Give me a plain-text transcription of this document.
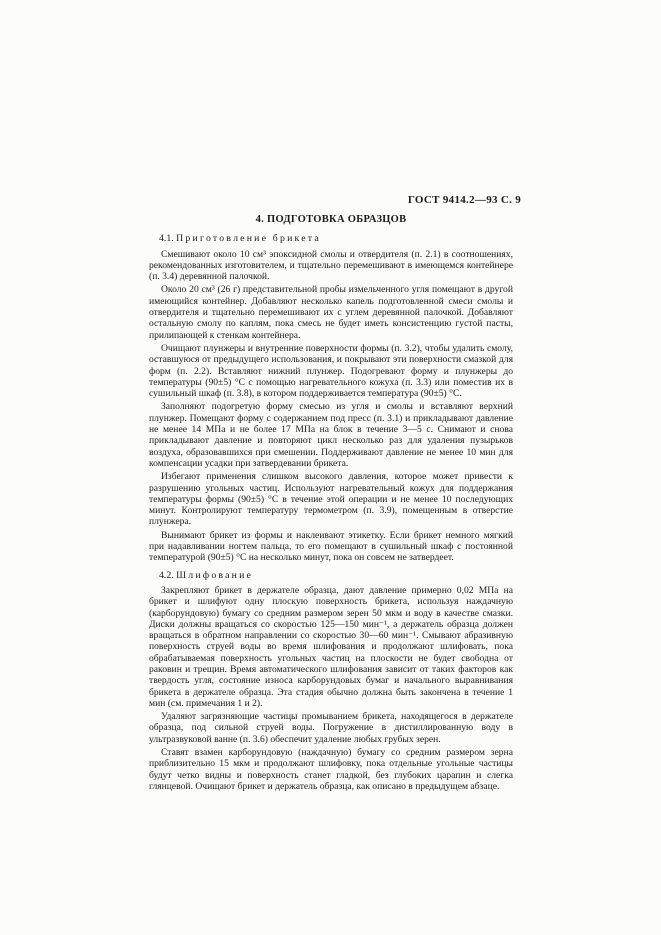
ГОСТ 9414.2—93 С. 9
4. ПОДГОТОВКА ОБРАЗЦОВ
4.1. Приготовление брикета

Смешивают около 10 см³ эпоксидной смолы и отвердителя (п. 2.1) в соотношениях, рекомендованных изготовителем, и тщательно перемешивают в имеющемся контейнере (п. 3.4) деревянной палочкой.

Около 20 см³ (26 г) представительной пробы измельченного угля помещают в другой имеющийся контейнер. Добавляют несколько капель подготовленной смеси смолы и отвердителя и тщательно перемешивают их с углем деревянной палочкой. Добавляют остальную смолу по каплям, пока смесь не будет иметь консистенцию густой пасты, прилипающей к стенкам контейнера.

Очищают плунжеры и внутренние поверхности формы (п. 3.2), чтобы удалить смолу, оставшуюся от предыдущего использования, и покрывают эти поверхности смазкой для форм (п. 2.2). Вставляют нижний плунжер. Подогревают форму и плунжеры до температуры (90±5) °С с помощью нагревательного кожуха (п. 3.3) или поместив их в сушильный шкаф (п. 3.8), в котором поддерживается температура (90±5) °С.

Заполняют подогретую форму смесью из угля и смолы и вставляют верхний плунжер. Помещают форму с содержанием под пресс (п. 3.1) и прикладывают давление не менее 14 МПа и не более 17 МПа на блок в течение 3—5 с. Снимают и снова прикладывают давление и повторяют цикл несколько раз для удаления пузырьков воздуха, образовавшихся при смешении. Поддерживают давление не менее 10 мин для компенсации усадки при затвердевании брикета.

Избегают применения слишком высокого давления, которое может привести к разрушению угольных частиц. Используют нагревательный кожух для поддержания температуры формы (90±5) °С в течение этой операции и не менее 10 последующих минут. Контролируют температуру термометром (п. 3.9), помещенным в отверстие плунжера.

Вынимают брикет из формы и наклеивают этикетку. Если брикет немного мягкий при надавливании ногтем пальца, то его помещают в сушильный шкаф с постоянной температурой (90±5) °С на несколько минут, пока он совсем не затвердеет.

4.2. Шлифование

Закрепляют брикет в держателе образца, дают давление примерно 0,02 МПа на брикет и шлифуют одну плоскую поверхность брикета, используя наждачную (карборундовую) бумагу со средним размером зерен 50 мкм и воду в качестве смазки. Диски должны вращаться со скоростью 125—150 мин⁻¹, а держатель образца должен вращаться в обратном направлении со скоростью 30—60 мин⁻¹. Смывают абразивную поверхность струей воды во время шлифования и продолжают шлифовать, пока обрабатываемая поверхность угольных частиц на плоскости не будет свободна от раковин и трещин. Время автоматического шлифования зависит от таких факторов как твердость угля, состояние износа карборундовых бумаг и начального выравнивания брикета в держателе образца. Эта стадия обычно должна быть закончена в течение 1 мин (см. примечания 1 и 2).

Удаляют загрязняющие частицы промыванием брикета, находящегося в держателе образца, под сильной струей воды. Погружение в дистиллированную воду в ультразвуковой ванне (п. 3.6) обеспечит удаление любых грубых зерен.

Ставят взамен карборундовую (наждачную) бумагу со средним размером зерна приблизительно 15 мкм и продолжают шлифовку, пока отдельные угольные частицы будут четко видны и поверхность станет гладкой, без глубоких царапин и слегка глянцевой. Очищают брикет и держатель образца, как описано в предыдущем абзаце.
